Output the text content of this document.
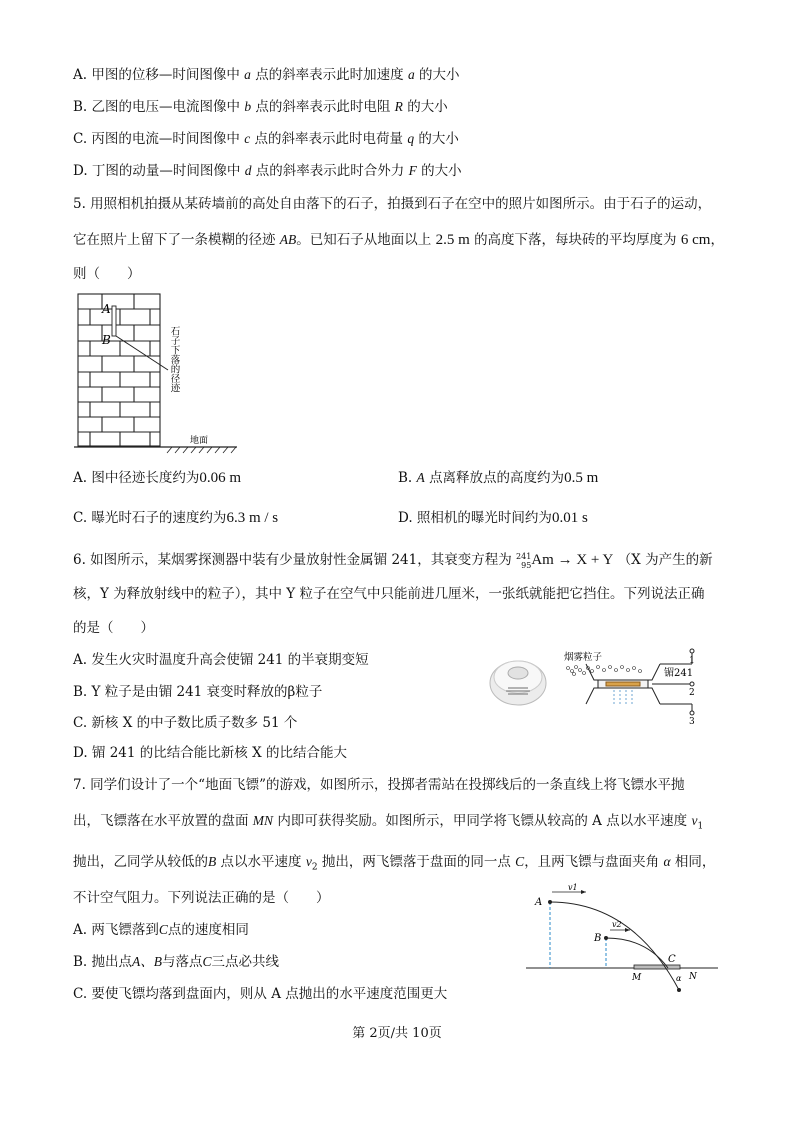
A. 甲图的位移—时间图像中 a 点的斜率表示此时加速度 a 的大小
B. 乙图的电压—电流图像中 b 点的斜率表示此时电阻 R 的大小
C. 丙图的电流—时间图像中 c 点的斜率表示此时电荷量 q 的大小
D. 丁图的动量—时间图像中 d 点的斜率表示此时合外力 F 的大小
5. 用照相机拍摄从某砖墙前的高处自由落下的石子，拍摄到石子在空中的照片如图所示。由于石子的运动，
它在照片上留下了一条模糊的径迹 AB。已知石子从地面以上 2.5 m 的高度下落，每块砖的平均厚度为 6 cm，
则（　　）
A
B	石子下落的径迹
地面
A. 图中径迹长度约为0.06 m	B. A 点离释放点的高度约为0.5 m
C. 曝光时石子的速度约为6.3 m / s	D. 照相机的曝光时间约为0.01 s
6. 如图所示，某烟雾探测器中装有少量放射性金属镅 241，其衰变方程为 241
95Am → X + Y （X 为产生的新
核，Y 为释放射线中的粒子），其中 Y 粒子在空气中只能前进几厘米，一张纸就能把它挡住。下列说法正确
的是（　　）
A. 发生火灾时温度升高会使镅 241 的半衰期变短
B. Y 粒子是由镅 241 衰变时释放的β粒子
C. 新核 X 的中子数比质子数多 51 个
D. 镅 241 的比结合能比新核 X 的比结合能大
烟雾粒子
镅241
1
2
3
7. 同学们设计了一个“地面飞镖”的游戏，如图所示，投掷者需站在投掷线后的一条直线上将飞镖水平抛
出，飞镖落在水平放置的盘面 MN 内即可获得奖励。如图所示，甲同学将飞镖从较高的 A 点以水平速度 $v_1$
抛出，乙同学从较低的B 点以水平速度 $v_2$ 抛出，两飞镖落于盘面的同一点 C，且两飞镖与盘面夹角 α 相同，
不计空气阻力。下列说法正确的是（　　）
A. 两飞镖落到C点的速度相同
B. 抛出点A、B与落点C三点必共线
C. 要使飞镖均落到盘面内，则从 A 点抛出的水平速度范围更大
A
B
C
M	N
v1
v2
α
第 2页/共 10页
